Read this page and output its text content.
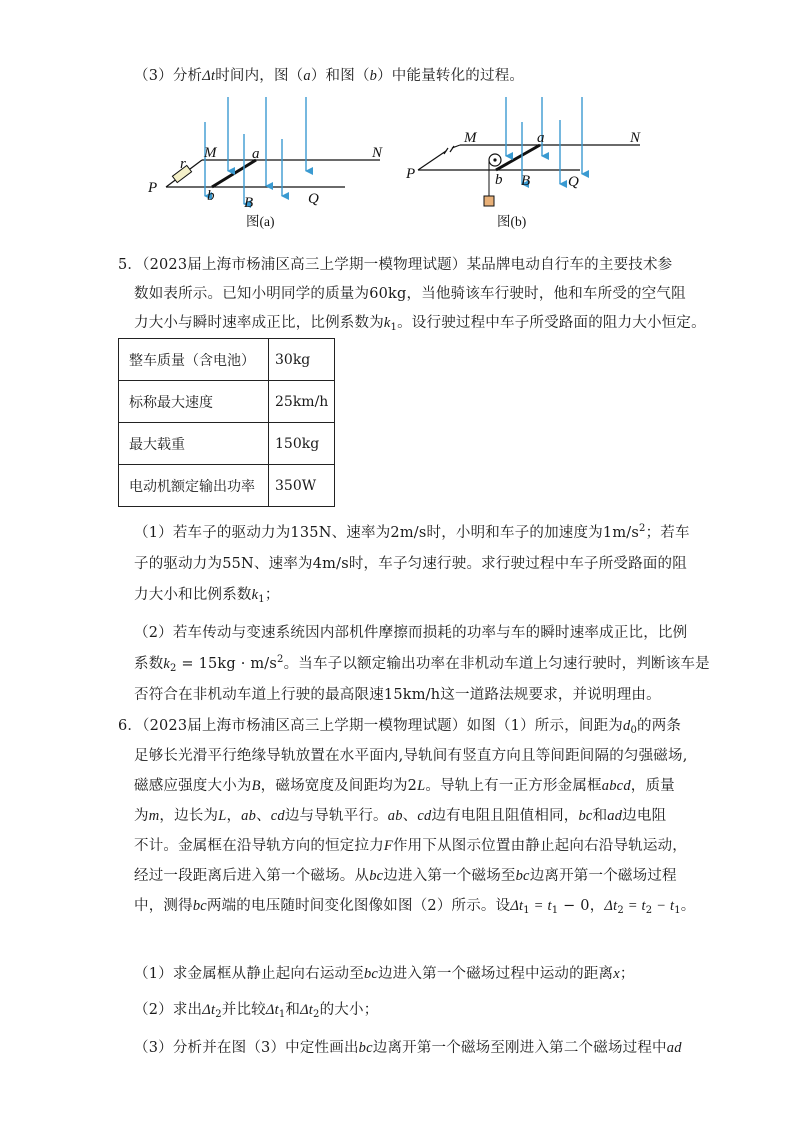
（3）分析Δt时间内，图（a）和图（b）中能量转化的过程。
M	N
P
Q
a
b B
r
图(a)
M	N
P	Q
a
b B
图(b)
5．（2023届上海市杨浦区高三上学期一模物理试题）某品牌电动自行车的主要技术参
数如表所示。已知小明同学的质量为60kg，当他骑该车行驶时，他和车所受的空气阻
力大小与瞬时速率成正比，比例系数为$k_1$。设行驶过程中车子所受路面的阻力大小恒定。
整车质量（含电池）	30kg
标称最大速度	25km/h
最大载重	150kg
电动机额定输出功率	350W
（1）若车子的驱动力为135N、速率为2m/s时，小明和车子的加速度为$1m/s^2$；若车
子的驱动力为55N、速率为4m/s时，车子匀速行驶。求行驶过程中车子所受路面的阻
力大小和比例系数$k_1$；
（2）若车传动与变速系统因内部机件摩擦而损耗的功率与车的瞬时速率成正比，比例
系数$k_2 = 15kg \cdot m/s^2$。当车子以额定输出功率在非机动车道上匀速行驶时，判断该车是
否符合在非机动车道上行驶的最高限速15km/h这一道路法规要求，并说明理由。
6．（2023届上海市杨浦区高三上学期一模物理试题）如图（1）所示，间距为$d_0$的两条
足够长光滑平行绝缘导轨放置在水平面内,导轨间有竖直方向且等间距间隔的匀强磁场,
磁感应强度大小为B，磁场宽度及间距均为2L。导轨上有一正方形金属框abcd，质量
为m，边长为L，ab、cd边与导轨平行。ab、cd边有电阻且阻值相同，bc和ad边电阻
不计。金属框在沿导轨方向的恒定拉力F作用下从图示位置由静止起向右沿导轨运动，
经过一段距离后进入第一个磁场。从bc边进入第一个磁场至bc边离开第一个磁场过程
中，测得bc两端的电压随时间变化图像如图（2）所示。设$\Delta t_1 = t_1 - 0$，$\Delta t_2 = t_2 - t_1$。
（1）求金属框从静止起向右运动至bc边进入第一个磁场过程中运动的距离x；
（2）求出$\Delta t_2$并比较$\Delta t_1$和$\Delta t_2$的大小；
（3）分析并在图（3）中定性画出bc边离开第一个磁场至刚进入第二个磁场过程中ad
